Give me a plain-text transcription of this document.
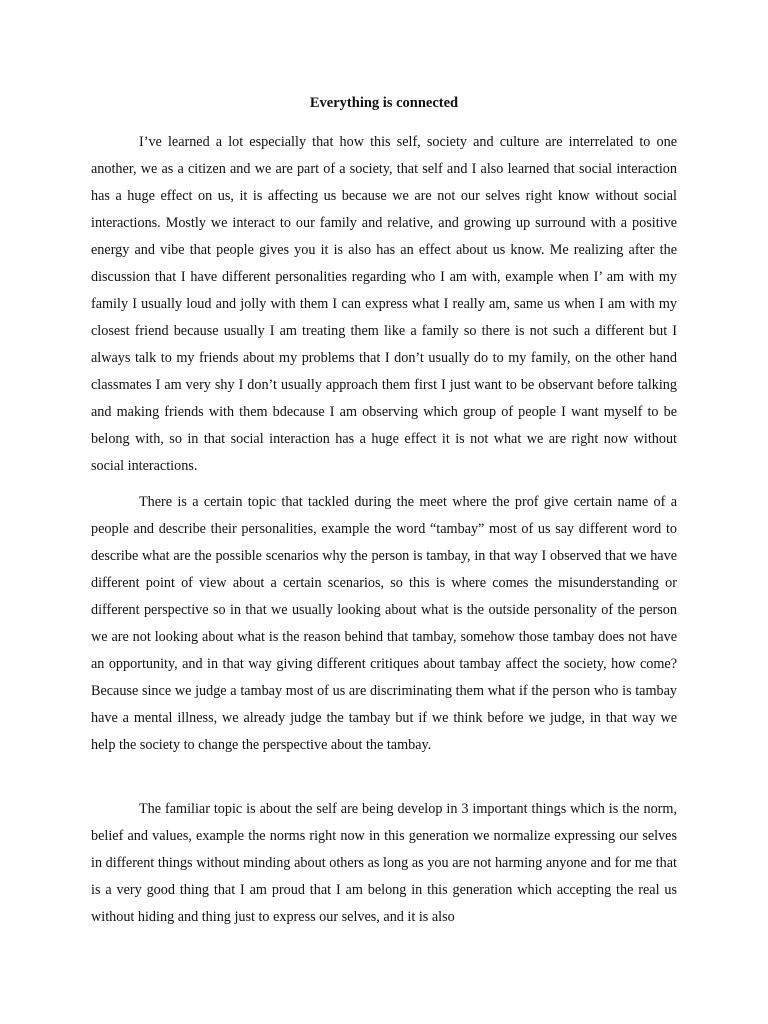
Everything is connected

I’ve learned a lot especially that how this self, society and culture are interrelated to one another, we as a citizen and we are part of a society, that self and I also learned that social interaction has a huge effect on us, it is affecting us because we are not our selves right know without social interactions. Mostly we interact to our family and relative, and growing up surround with a positive energy and vibe that people gives you it is also has an effect about us know. Me realizing after the discussion that I have different personalities regarding who I am with, example when I’ am with my family I usually loud and jolly with them I can express what I really am, same us when I am with my closest friend because usually I am treating them like a family so there is not such a different but I always talk to my friends about my problems that I don’t usually do to my family, on the other hand classmates I am very shy I don’t usually approach them first I just want to be observant before talking and making friends with them bdecause I am observing which group of people I want myself to be belong with, so in that social interaction has a huge effect it is not what we are right now without social interactions.

There is a certain topic that tackled during the meet where the prof give certain name of a people and describe their personalities, example the word “tambay” most of us say different word to describe what are the possible scenarios why the person is tambay, in that way I observed that we have different point of view about a certain scenarios, so this is where comes the misunderstanding or different perspective so in that we usually looking about what is the outside personality of the person we are not looking about what is the reason behind that tambay, somehow those tambay does not have an opportunity, and in that way giving different critiques about tambay affect the society, how come? Because since we judge a tambay most of us are discriminating them what if the person who is tambay have a mental illness, we already judge the tambay but if we think before we judge, in that way we help the society to change the perspective about the tambay.

The familiar topic is about the self are being develop in 3 important things which is the norm, belief and values, example the norms right now in this generation we normalize expressing our selves in different things without minding about others as long as you are not harming anyone and for me that is a very good thing that I am proud that I am belong in this generation which accepting the real us without hiding and thing just to express our selves, and it is also
